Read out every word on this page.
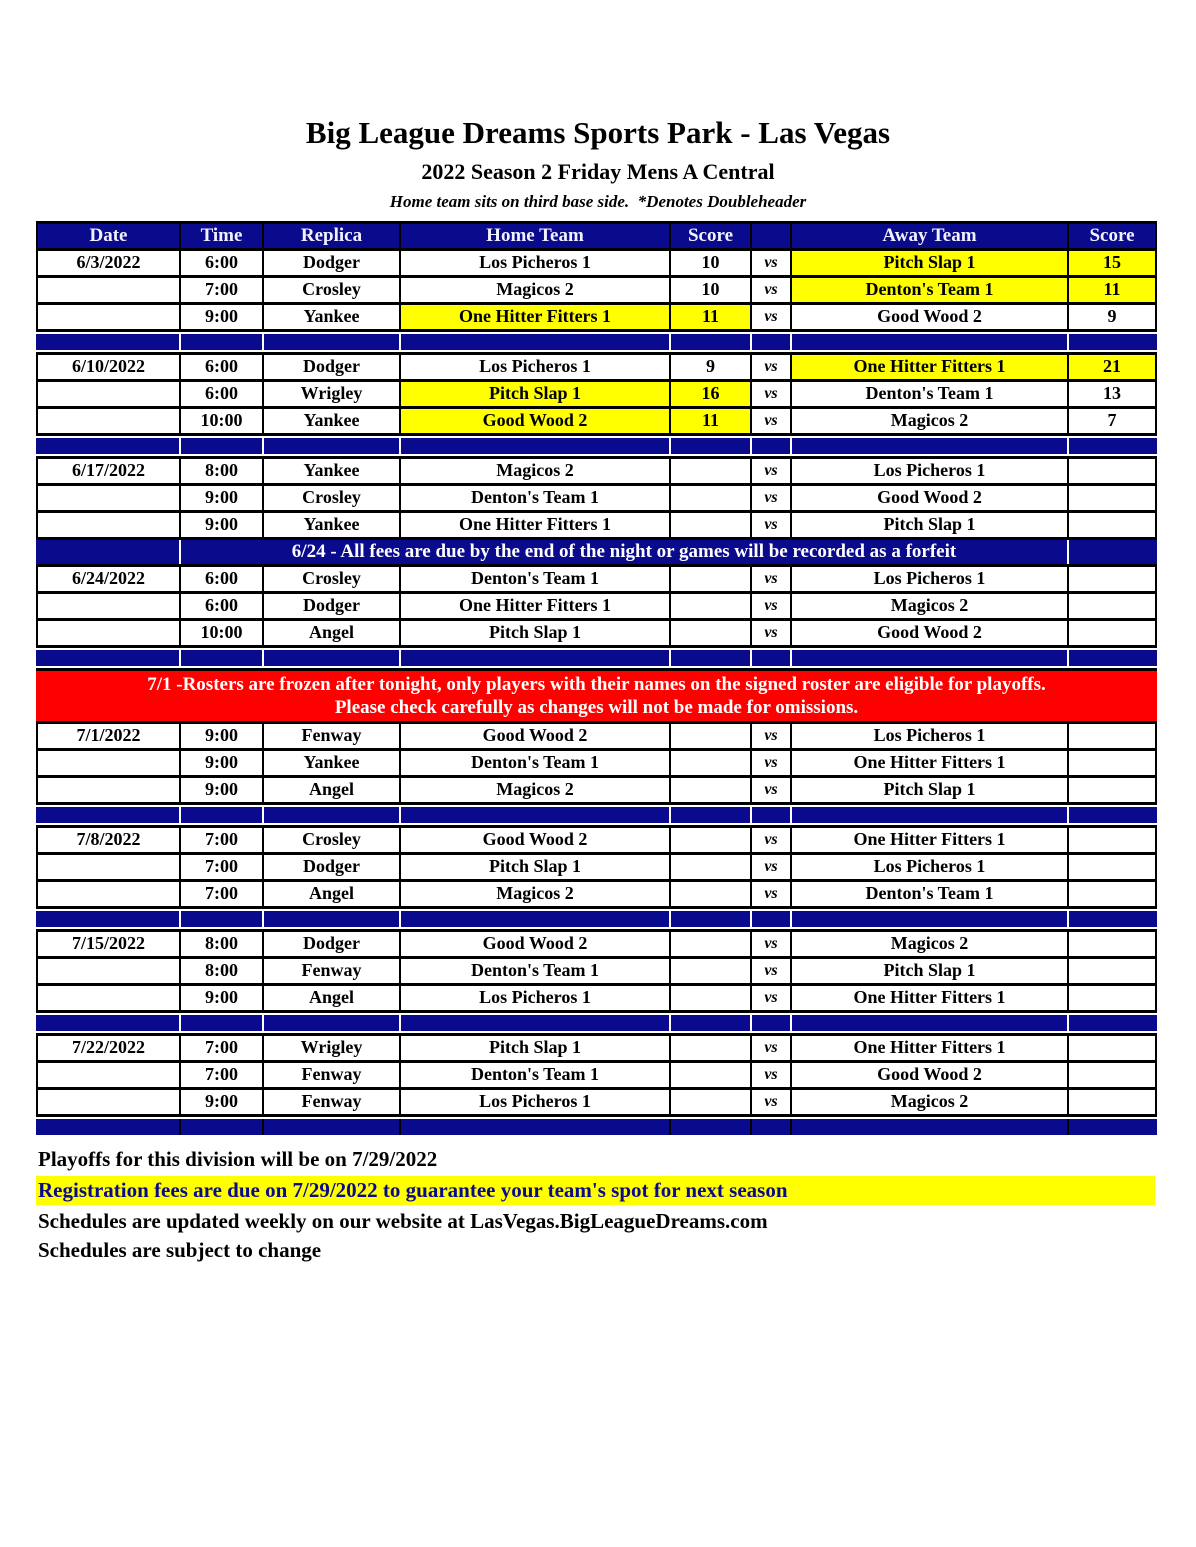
Big League Dreams Sports Park - Las Vegas
2022 Season 2 Friday Mens A Central
Home team sits on third base side.  *Denotes Doubleheader
Date	Time	Replica	Home Team	Score	Away Team	Score
6/3/2022	6:00	Dodger	Los Picheros 1	10	vs	Pitch Slap 1	15
7:00	Crosley	Magicos 2	10	vs	Denton's Team 1	11
9:00	Yankee	One Hitter Fitters 1	11	vs	Good Wood 2	9
6/10/2022	6:00	Dodger	Los Picheros 1	9	vs	One Hitter Fitters 1	21
6:00	Wrigley	Pitch Slap 1	16	vs	Denton's Team 1	13
10:00	Yankee	Good Wood 2	11	vs	Magicos 2	7
6/17/2022	8:00	Yankee	Magicos 2	vs	Los Picheros 1
9:00	Crosley	Denton's Team 1	vs	Good Wood 2
9:00	Yankee	One Hitter Fitters 1	vs	Pitch Slap 1
6/24 - All fees are due by the end of the night or games will be recorded as a forfeit
6/24/2022	6:00	Crosley	Denton's Team 1	vs	Los Picheros 1
6:00	Dodger	One Hitter Fitters 1	vs	Magicos 2
10:00	Angel	Pitch Slap 1	vs	Good Wood 2
7/1 -Rosters are frozen after tonight, only players with their names on the signed roster are eligible for playoffs.
Please check carefully as changes will not be made for omissions.
7/1/2022	9:00	Fenway	Good Wood 2	vs	Los Picheros 1
9:00	Yankee	Denton's Team 1	vs	One Hitter Fitters 1
9:00	Angel	Magicos 2	vs	Pitch Slap 1
7/8/2022	7:00	Crosley	Good Wood 2	vs	One Hitter Fitters 1
7:00	Dodger	Pitch Slap 1	vs	Los Picheros 1
7:00	Angel	Magicos 2	vs	Denton's Team 1
7/15/2022	8:00	Dodger	Good Wood 2	vs	Magicos 2
8:00	Fenway	Denton's Team 1	vs	Pitch Slap 1
9:00	Angel	Los Picheros 1	vs	One Hitter Fitters 1
7/22/2022	7:00	Wrigley	Pitch Slap 1	vs	One Hitter Fitters 1
7:00	Fenway	Denton's Team 1	vs	Good Wood 2
9:00	Fenway	Los Picheros 1	vs	Magicos 2
Playoffs for this division will be on 7/29/2022
Registration fees are due on 7/29/2022 to guarantee your team's spot for next season
Schedules are updated weekly on our website at LasVegas.BigLeagueDreams.com
Schedules are subject to change
